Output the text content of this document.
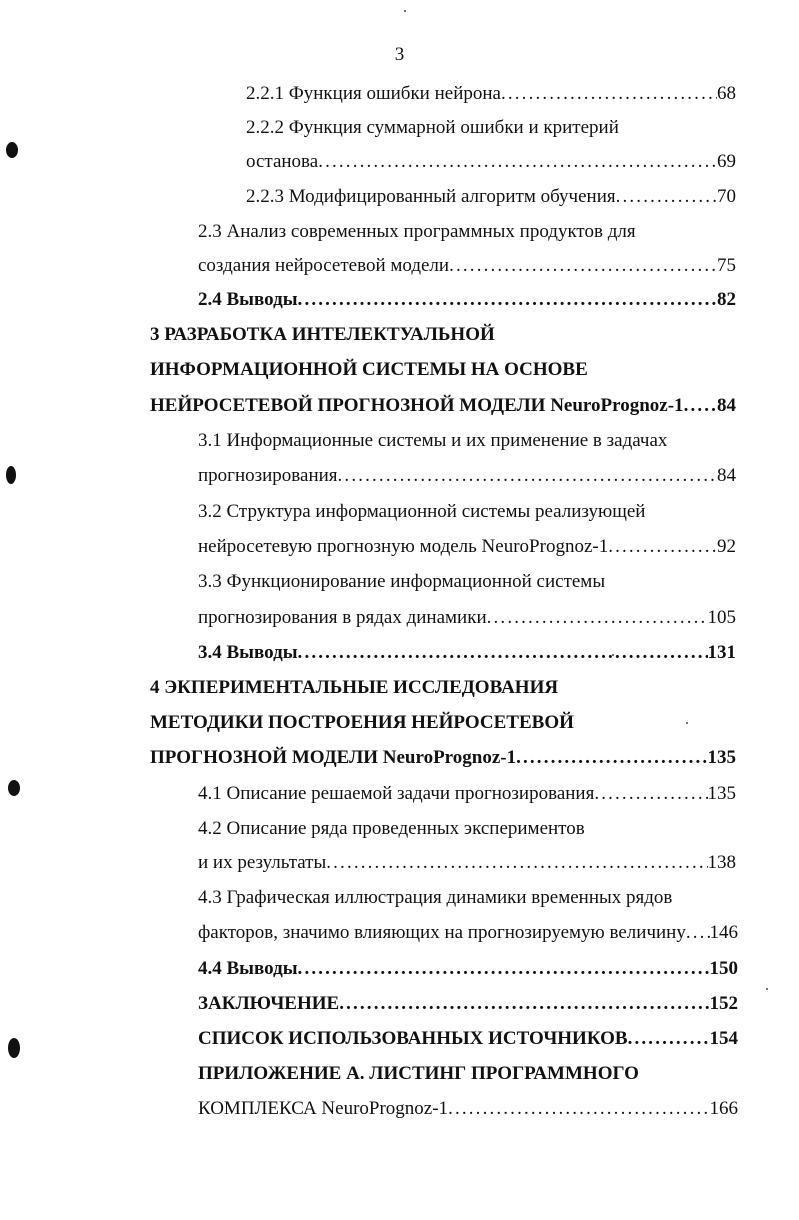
3
2.2.1 Функция ошибки нейрона . . .	68
2.2.2 Функция суммарной ошибки и критерий
останова . . .	69
2.2.3 Модифицированный алгоритм обучения . . .	70
2.3 Анализ современных программных продуктов для
создания нейросетевой модели . . .	75
2.4 Выводы . . .	82
3 РАЗРАБОТКА ИНТЕЛЕКТУАЛЬНОЙ
ИНФОРМАЦИОННОЙ СИСТЕМЫ НА ОСНОВЕ
НЕЙРОСЕТЕВОЙ ПРОГНОЗНОЙ МОДЕЛИ NeuroPrognoz-1 . . . 84
3.1 Информационные системы и их применение в задачах
прогнозирования . . .	84
3.2 Структура информационной системы реализующей
нейросетевую прогнозную модель NeuroPrognoz-1 . . .	92
3.3 Функционирование информационной системы
прогнозирования в рядах динамики . . .	105
3.4 Выводы . . .	131
4 ЭКПЕРИМЕНТАЛЬНЫЕ ИССЛЕДОВАНИЯ
МЕТОДИКИ ПОСТРОЕНИЯ НЕЙРОСЕТЕВОЙ
ПРОГНОЗНОЙ МОДЕЛИ NeuroPrognoz-1 . . .	135
4.1 Описание решаемой задачи прогнозирования . . .	135
4.2 Описание ряда проведенных экспериментов
и их результаты . . .	138
4.3 Графическая иллюстрация динамики временных рядов
факторов, значимо влияющих на прогнозируемую величину . . . 146
4.4 Выводы . . .	150
ЗАКЛЮЧЕНИЕ . . .	152
СПИСОК ИСПОЛЬЗОВАННЫХ ИСТОЧНИКОВ . . .	154
ПРИЛОЖЕНИЕ А. ЛИСТИНГ ПРОГРАММНОГО
КОМПЛЕКСА NeuroPrognoz-1 . . .	166
